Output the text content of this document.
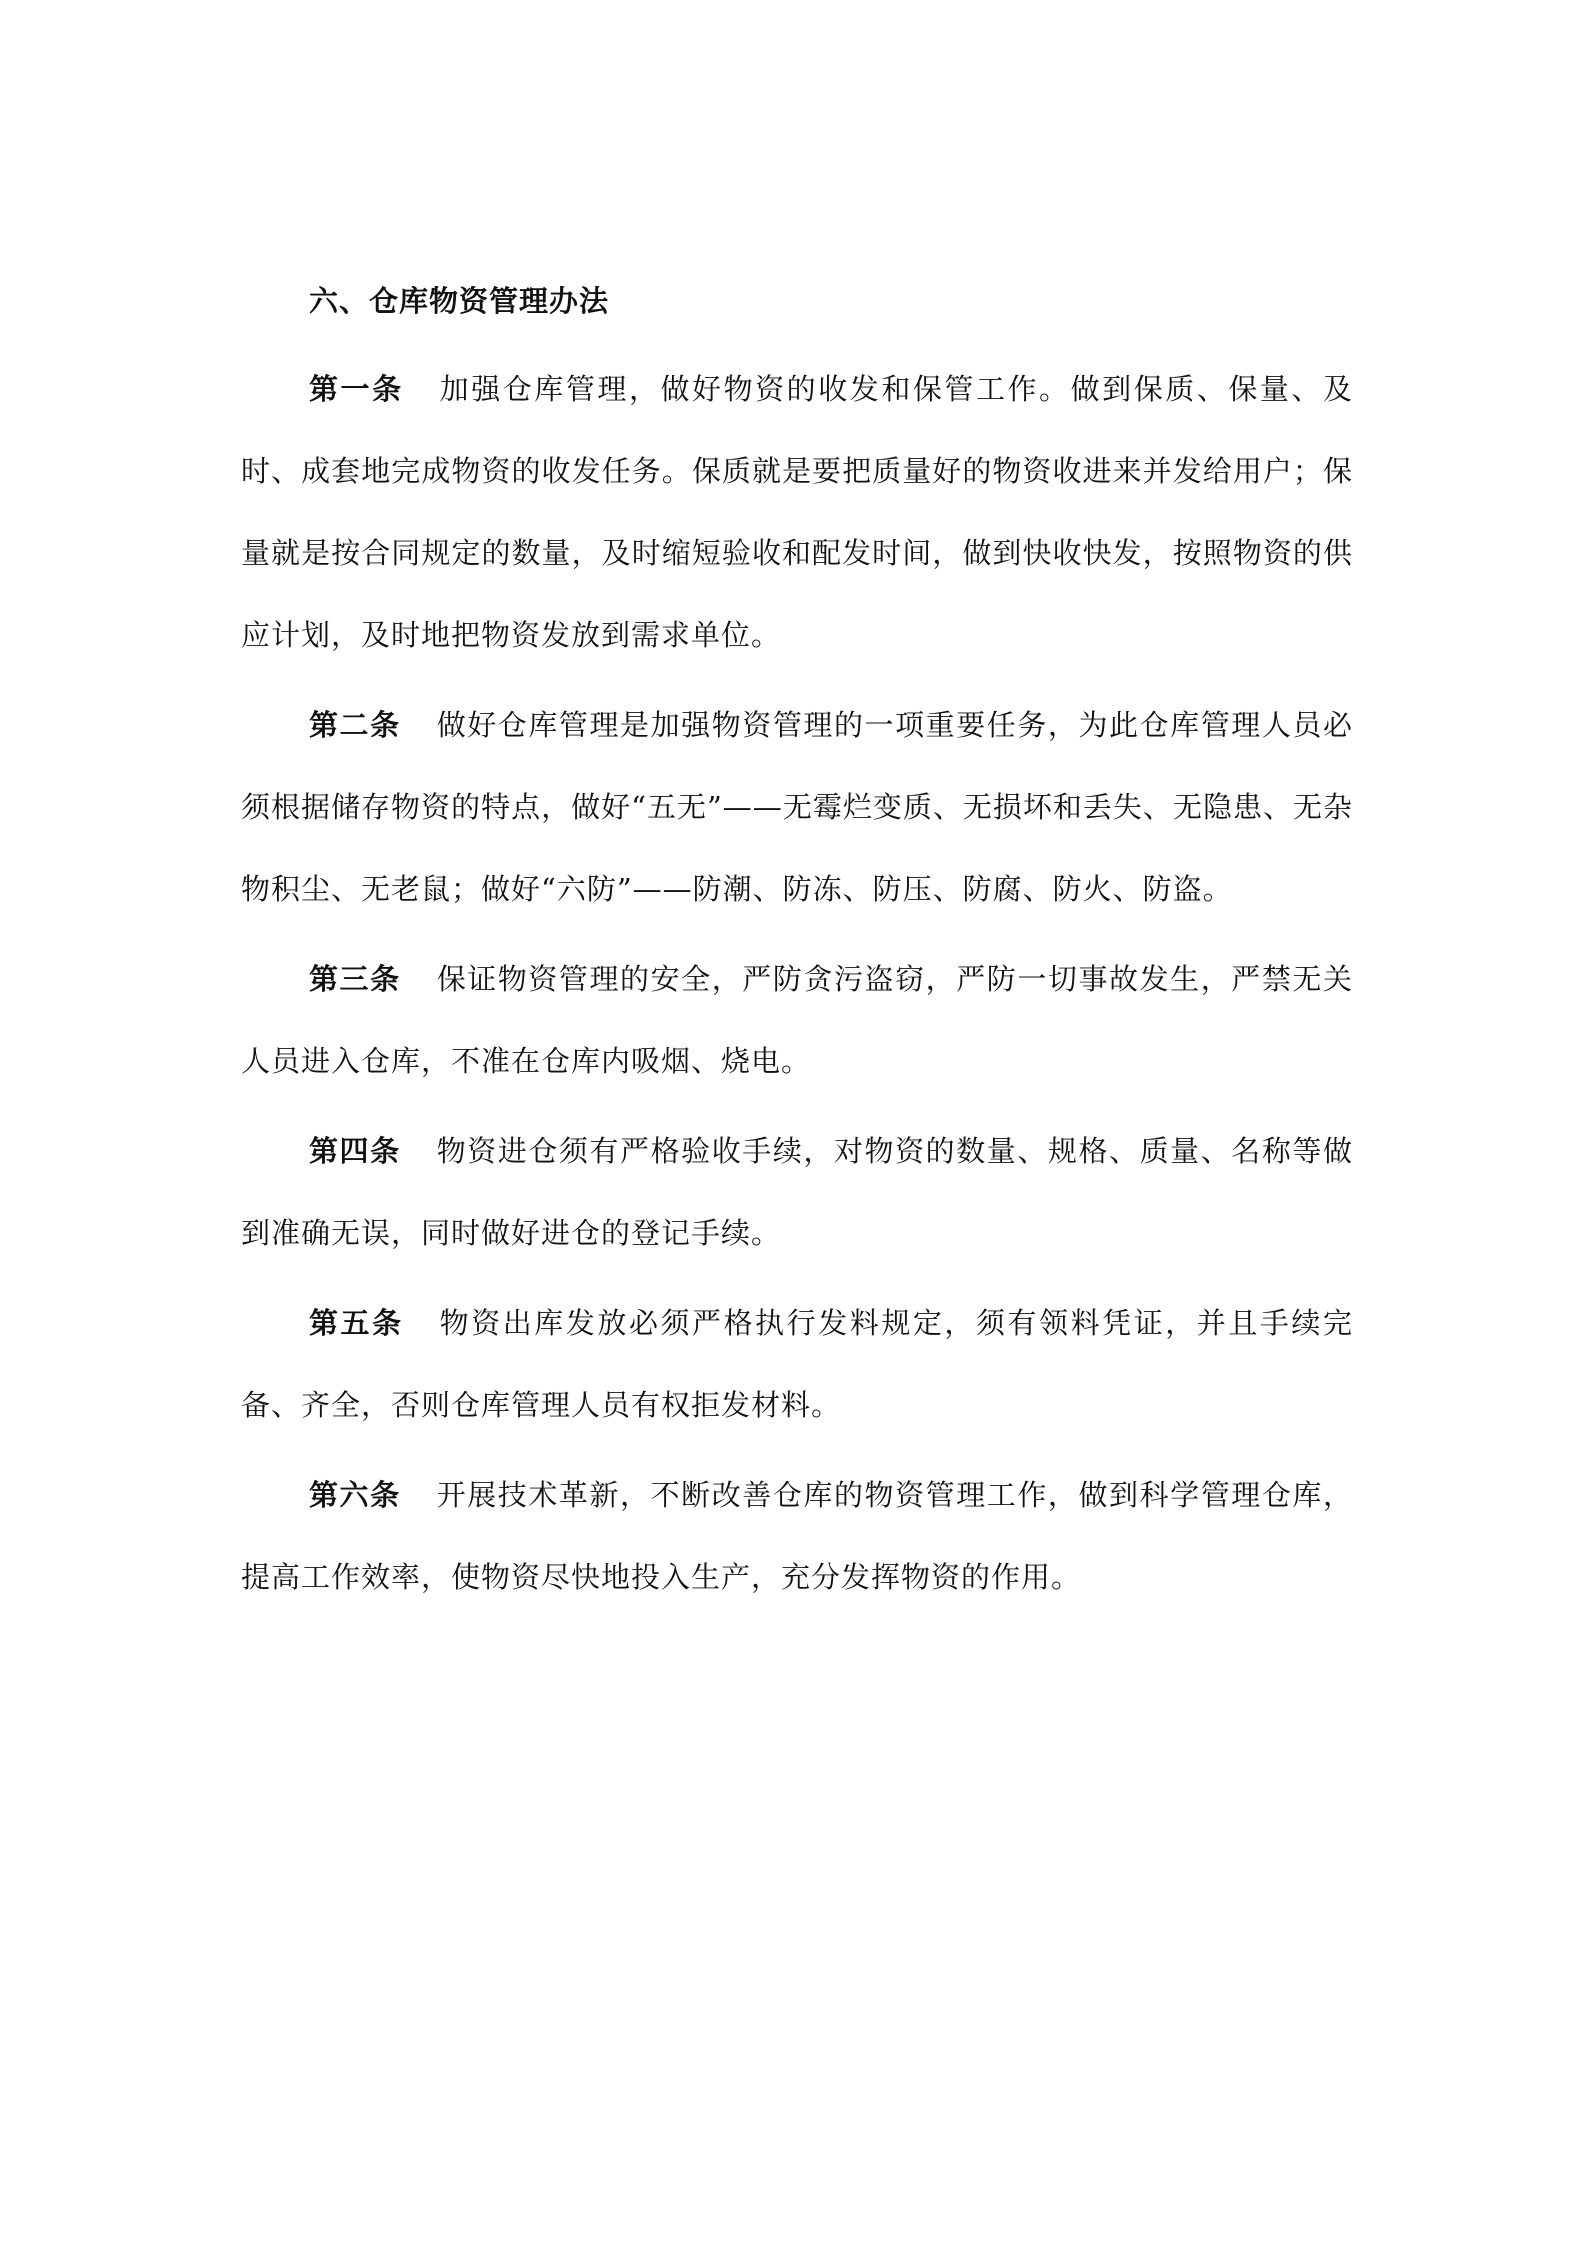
六、仓库物资管理办法

第一条 加强仓库管理，做好物资的收发和保管工作。做到保质、保量、及时、成套地完成物资的收发任务。保质就是要把质量好的物资收进来并发给用户；保量就是按合同规定的数量，及时缩短验收和配发时间，做到快收快发，按照物资的供应计划，及时地把物资发放到需求单位。

第二条 做好仓库管理是加强物资管理的一项重要任务，为此仓库管理人员必须根据储存物资的特点，做好“五无”——无霉烂变质、无损坏和丢失、无隐患、无杂物积尘、无老鼠；做好“六防”——防潮、防冻、防压、防腐、防火、防盗。

第三条 保证物资管理的安全，严防贪污盗窃，严防一切事故发生，严禁无关人员进入仓库，不准在仓库内吸烟、烧电。

第四条 物资进仓须有严格验收手续，对物资的数量、规格、质量、名称等做到准确无误，同时做好进仓的登记手续。

第五条 物资出库发放必须严格执行发料规定，须有领料凭证，并且手续完备、齐全，否则仓库管理人员有权拒发材料。

第六条 开展技术革新，不断改善仓库的物资管理工作，做到科学管理仓库，提高工作效率，使物资尽快地投入生产，充分发挥物资的作用。
